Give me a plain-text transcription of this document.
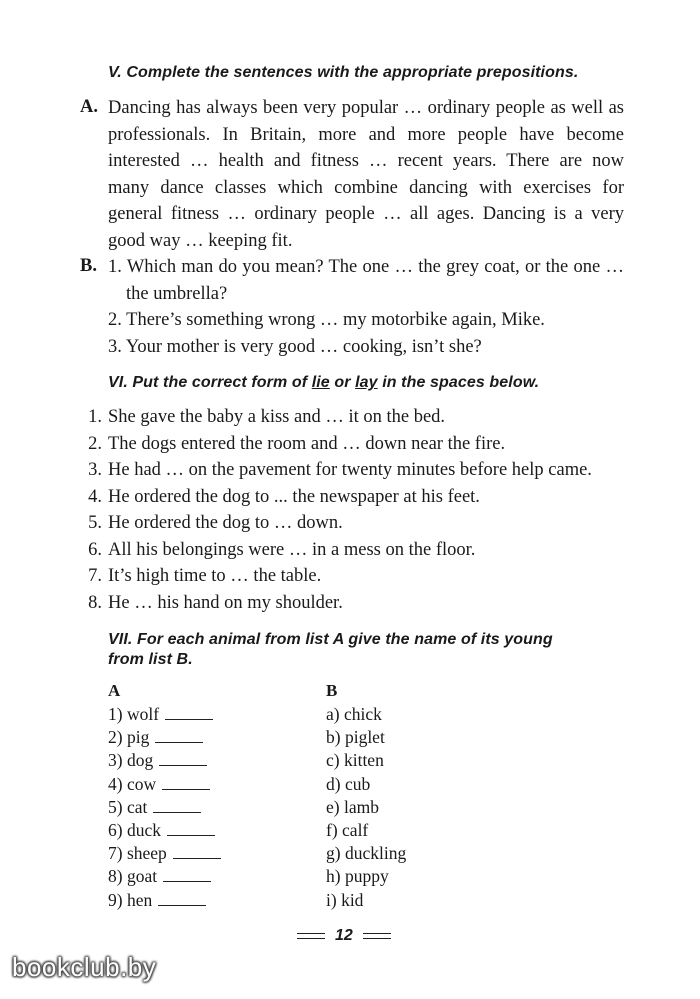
V. Complete the sentences with the appropriate prepositions.
A. Dancing has always been very popular … ordinary people as well as
professionals. In Britain, more and more people have become
interested … health and fitness … recent years. There are now
many dance classes which combine dancing with exercises for
general fitness … ordinary people … all ages. Dancing is a very
good way … keeping fit.
B. 1. Which man do you mean? The one … the grey coat, or the one …
the umbrella?
2. There’s something wrong … my motorbike again, Mike.
3. Your mother is very good … cooking, isn’t she?
VI. Put the correct form of lie or lay in the spaces below.
1. She gave the baby a kiss and … it on the bed.
2. The dogs entered the room and … down near the fire.
3. He had … on the pavement for twenty minutes before help came.
4. He ordered the dog to ... the newspaper at his feet.
5. He ordered the dog to … down.
6. All his belongings were … in a mess on the floor.
7. It’s high time to … the table.
8. He … his hand on my shoulder.
VII. For each animal from list A give the name of its young
from list B.
A	B
1) wolf
2) pig
3) dog
4) cow
5) cat
6) duck
7) sheep
8) goat
9) hen
a) chick
b) piglet
c) kitten
d) cub
e) lamb
f) calf
g) duckling
h) puppy
i) kid
12
bookclub.by
